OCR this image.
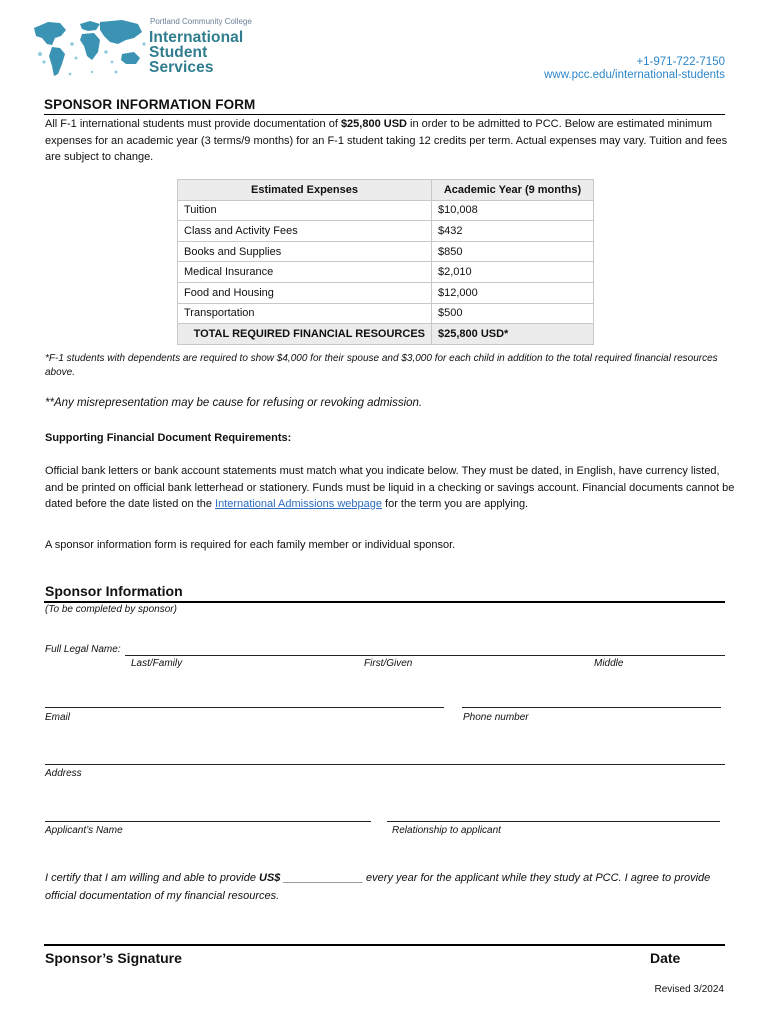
Portland Community College
International
Student
Services	+1-971-722-7150
www.pcc.edu/international-students
SPONSOR INFORMATION FORM
All F-1 international students must provide documentation of $25,800 USD in order to be admitted to PCC. Below are estimated minimum expenses for an academic year (3 terms/9 months) for an F-1 student taking 12 credits per term. Actual expenses may vary. Tuition and fees are subject to change.
Estimated Expenses	Academic Year (9 months)
Tuition	$10,008
Class and Activity Fees	$432
Books and Supplies	$850
Medical Insurance	$2,010
Food and Housing	$12,000
Transportation	$500
TOTAL REQUIRED FINANCIAL RESOURCES	$25,800 USD*
*F-1 students with dependents are required to show $4,000 for their spouse and $3,000 for each child in addition to the total required financial resources above.
**Any misrepresentation may be cause for refusing or revoking admission.
Supporting Financial Document Requirements:
Official bank letters or bank account statements must match what you indicate below. They must be dated, in English, have currency listed, and be printed on official bank letterhead or stationery. Funds must be liquid in a checking or savings account. Financial documents cannot be dated before the date listed on the International Admissions webpage for the term you are applying.
A sponsor information form is required for each family member or individual sponsor.
Sponsor Information
(To be completed by sponsor)
Full Legal Name:
Last/Family	First/Given	Middle
Email	Phone number
Address
Applicant’s Name	Relationship to applicant
I certify that I am willing and able to provide US$ _____________ every year for the applicant while they study at PCC. I agree to provide official documentation of my financial resources.
Sponsor’s Signature	Date
Revised 3/2024
